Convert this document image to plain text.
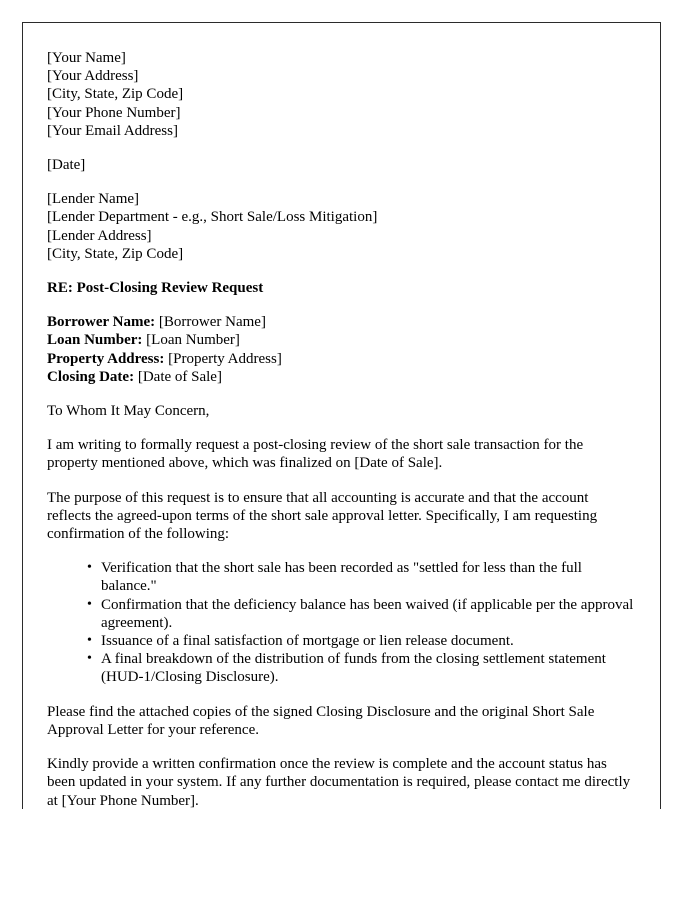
[Your Name]
[Your Address]
[City, State, Zip Code]
[Your Phone Number]
[Your Email Address]
[Date]
[Lender Name]
[Lender Department - e.g., Short Sale/Loss Mitigation]
[Lender Address]
[City, State, Zip Code]
RE: Post-Closing Review Request
Borrower Name: [Borrower Name]
Loan Number: [Loan Number]
Property Address: [Property Address]
Closing Date: [Date of Sale]

To Whom It May Concern,

I am writing to formally request a post-closing review of the short sale transaction for the property mentioned above, which was finalized on [Date of Sale].

The purpose of this request is to ensure that all accounting is accurate and that the account reflects the agreed-upon terms of the short sale approval letter. Specifically, I am requesting confirmation of the following:

• Verification that the short sale has been recorded as "settled for less than the full balance."
• Confirmation that the deficiency balance has been waived (if applicable per the approval agreement).
• Issuance of a final satisfaction of mortgage or lien release document.
• A final breakdown of the distribution of funds from the closing settlement statement (HUD-1/Closing Disclosure).

Please find the attached copies of the signed Closing Disclosure and the original Short Sale Approval Letter for your reference.

Kindly provide a written confirmation once the review is complete and the account status has been updated in your system. If any further documentation is required, please contact me directly at [Your Phone Number].
